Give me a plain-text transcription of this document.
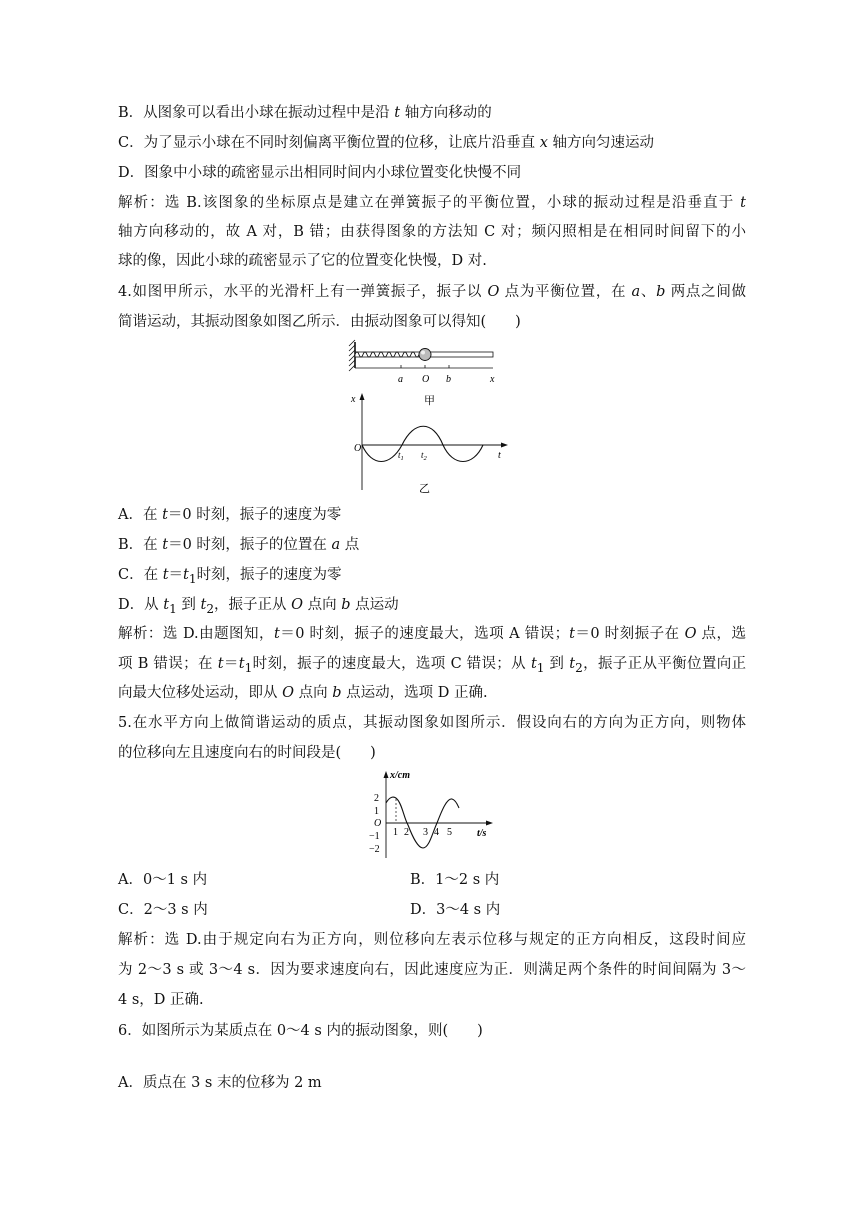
B．从图象可以看出小球在振动过程中是沿 t 轴方向移动的
C．为了显示小球在不同时刻偏离平衡位置的位移，让底片沿垂直 x 轴方向匀速运动
D．图象中小球的疏密显示出相同时间内小球位置变化快慢不同
解析：选 B.该图象的坐标原点是建立在弹簧振子的平衡位置，小球的振动过程是沿垂直于 t
轴方向移动的，故 A 对，B 错；由获得图象的方法知 C 对；频闪照相是在相同时间留下的小
球的像，因此小球的疏密显示了它的位置变化快慢，D 对.
4.如图甲所示，水平的光滑杆上有一弹簧振子，振子以 O 点为平衡位置，在 a、b 两点之间做
简谐运动，其振动图象如图乙所示．由振动图象可以得知(　　)
a O b	x
甲
x
O
t
$t_1$ $t_2$
乙
A．在 t＝0 时刻，振子的速度为零
B．在 t＝0 时刻，振子的位置在 a 点
C．在 $t=t_1$时刻，振子的速度为零
D．从 $t_1$ 到 $t_2$，振子正从 O 点向 b 点运动
解析：选 D.由题图知，t＝0 时刻，振子的速度最大，选项 A 错误；t＝0 时刻振子在 O 点，选
项 B 错误；在 $t=t_1$时刻，振子的速度最大，选项 C 错误；从 $t_1$ 到 $t_2$，振子正从平衡位置向正
向最大位移处运动，即从 O 点向 b 点运动，选项 D 正确.
5.在水平方向上做简谐运动的质点，其振动图象如图所示．假设向右的方向为正方向，则物体
的位移向左且速度向右的时间段是(　　)
x/cm
2
1
O
−1
−2
1 2 3 4 5	t/s
A．0～1 s 内	B．1～2 s 内
C．2～3 s 内	D．3～4 s 内
解析：选 D.由于规定向右为正方向，则位移向左表示位移与规定的正方向相反，这段时间应
为 2～3 s 或 3～4 s．因为要求速度向右，因此速度应为正．则满足两个条件的时间间隔为 3～
4 s，D 正确.
6．如图所示为某质点在 0～4 s 内的振动图象，则(　　)
A．质点在 3 s 末的位移为 2 m
